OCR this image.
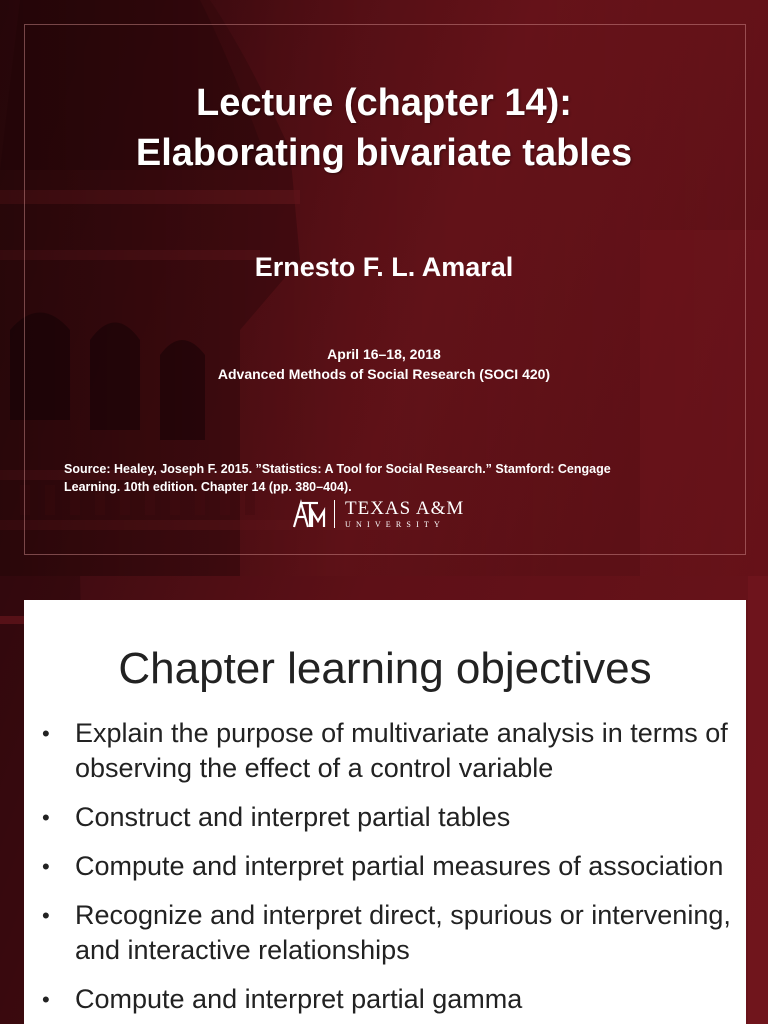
Lecture (chapter 14):
Elaborating bivariate tables
Ernesto F. L. Amaral
April 16–18, 2018
Advanced Methods of Social Research (SOCI 420)
Source: Healey, Joseph F. 2015. ”Statistics: A Tool for Social Research.” Stamford: Cengage
Learning. 10th edition. Chapter 14 (pp. 380–404).
TEXAS A&M
UNIVERSITY
Chapter learning objectives
• Explain the purpose of multivariate analysis in terms of observing the effect of a control variable
• Construct and interpret partial tables
• Compute and interpret partial measures of association
• Recognize and interpret direct, spurious or intervening, and interactive relationships
• Compute and interpret partial gamma
